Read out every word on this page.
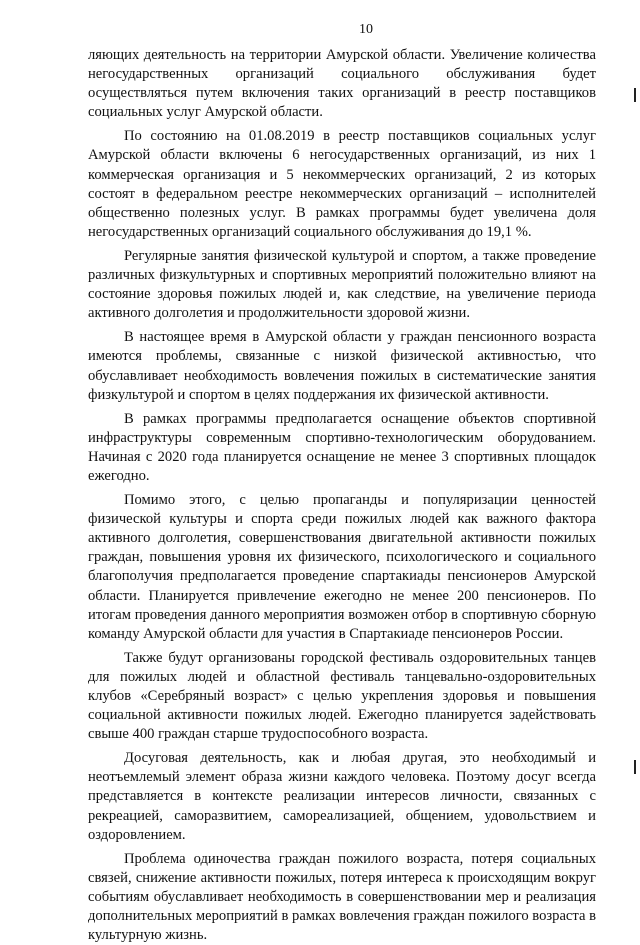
10

ляющих деятельность на территории Амурской области. Увеличение количества негосударственных организаций социального обслуживания будет осуществляться путем включения таких организаций в реестр поставщиков социальных услуг Амурской области.

По состоянию на 01.08.2019 в реестр поставщиков социальных услуг Амурской области включены 6 негосударственных организаций, из них 1 коммерческая организация и 5 некоммерческих организаций, 2 из которых состоят в федеральном реестре некоммерческих организаций – исполнителей общественно полезных услуг. В рамках программы будет увеличена доля негосударственных организаций социального обслуживания до 19,1 %.

Регулярные занятия физической культурой и спортом, а также проведение различных физкультурных и спортивных мероприятий положительно влияют на состояние здоровья пожилых людей и, как следствие, на увеличение периода активного долголетия и продолжительности здоровой жизни.

В настоящее время в Амурской области у граждан пенсионного возраста имеются проблемы, связанные с низкой физической активностью, что обуславливает необходимость вовлечения пожилых в систематические занятия физкультурой и спортом в целях поддержания их физической активности.

В рамках программы предполагается оснащение объектов спортивной инфраструктуры современным спортивно-технологическим оборудованием. Начиная с 2020 года планируется оснащение не менее 3 спортивных площадок ежегодно.

Помимо этого, с целью пропаганды и популяризации ценностей физической культуры и спорта среди пожилых людей как важного фактора активного долголетия, совершенствования двигательной активности пожилых граждан, повышения уровня их физического, психологического и социального благополучия предполагается проведение спартакиады пенсионеров Амурской области. Планируется привлечение ежегодно не менее 200 пенсионеров. По итогам проведения данного мероприятия возможен отбор в спортивную сборную команду Амурской области для участия в Спартакиаде пенсионеров России.

Также будут организованы городской фестиваль оздоровительных танцев для пожилых людей и областной фестиваль танцевально-оздоровительных клубов «Серебряный возраст» с целью укрепления здоровья и повышения социальной активности пожилых людей. Ежегодно планируется задействовать свыше 400 граждан старше трудоспособного возраста.

Досуговая деятельность, как и любая другая, это необходимый и неотъемлемый элемент образа жизни каждого человека. Поэтому досуг всегда представляется в контексте реализации интересов личности, связанных с рекреацией, саморазвитием, самореализацией, общением, удовольствием и оздоровлением.

Проблема одиночества граждан пожилого возраста, потеря социальных связей, снижение активности пожилых, потеря интереса к происходящим вокруг событиям обуславливает необходимость в совершенствовании мер и реализация дополнительных мероприятий в рамках вовлечения граждан пожилого возраста в культурную жизнь.
